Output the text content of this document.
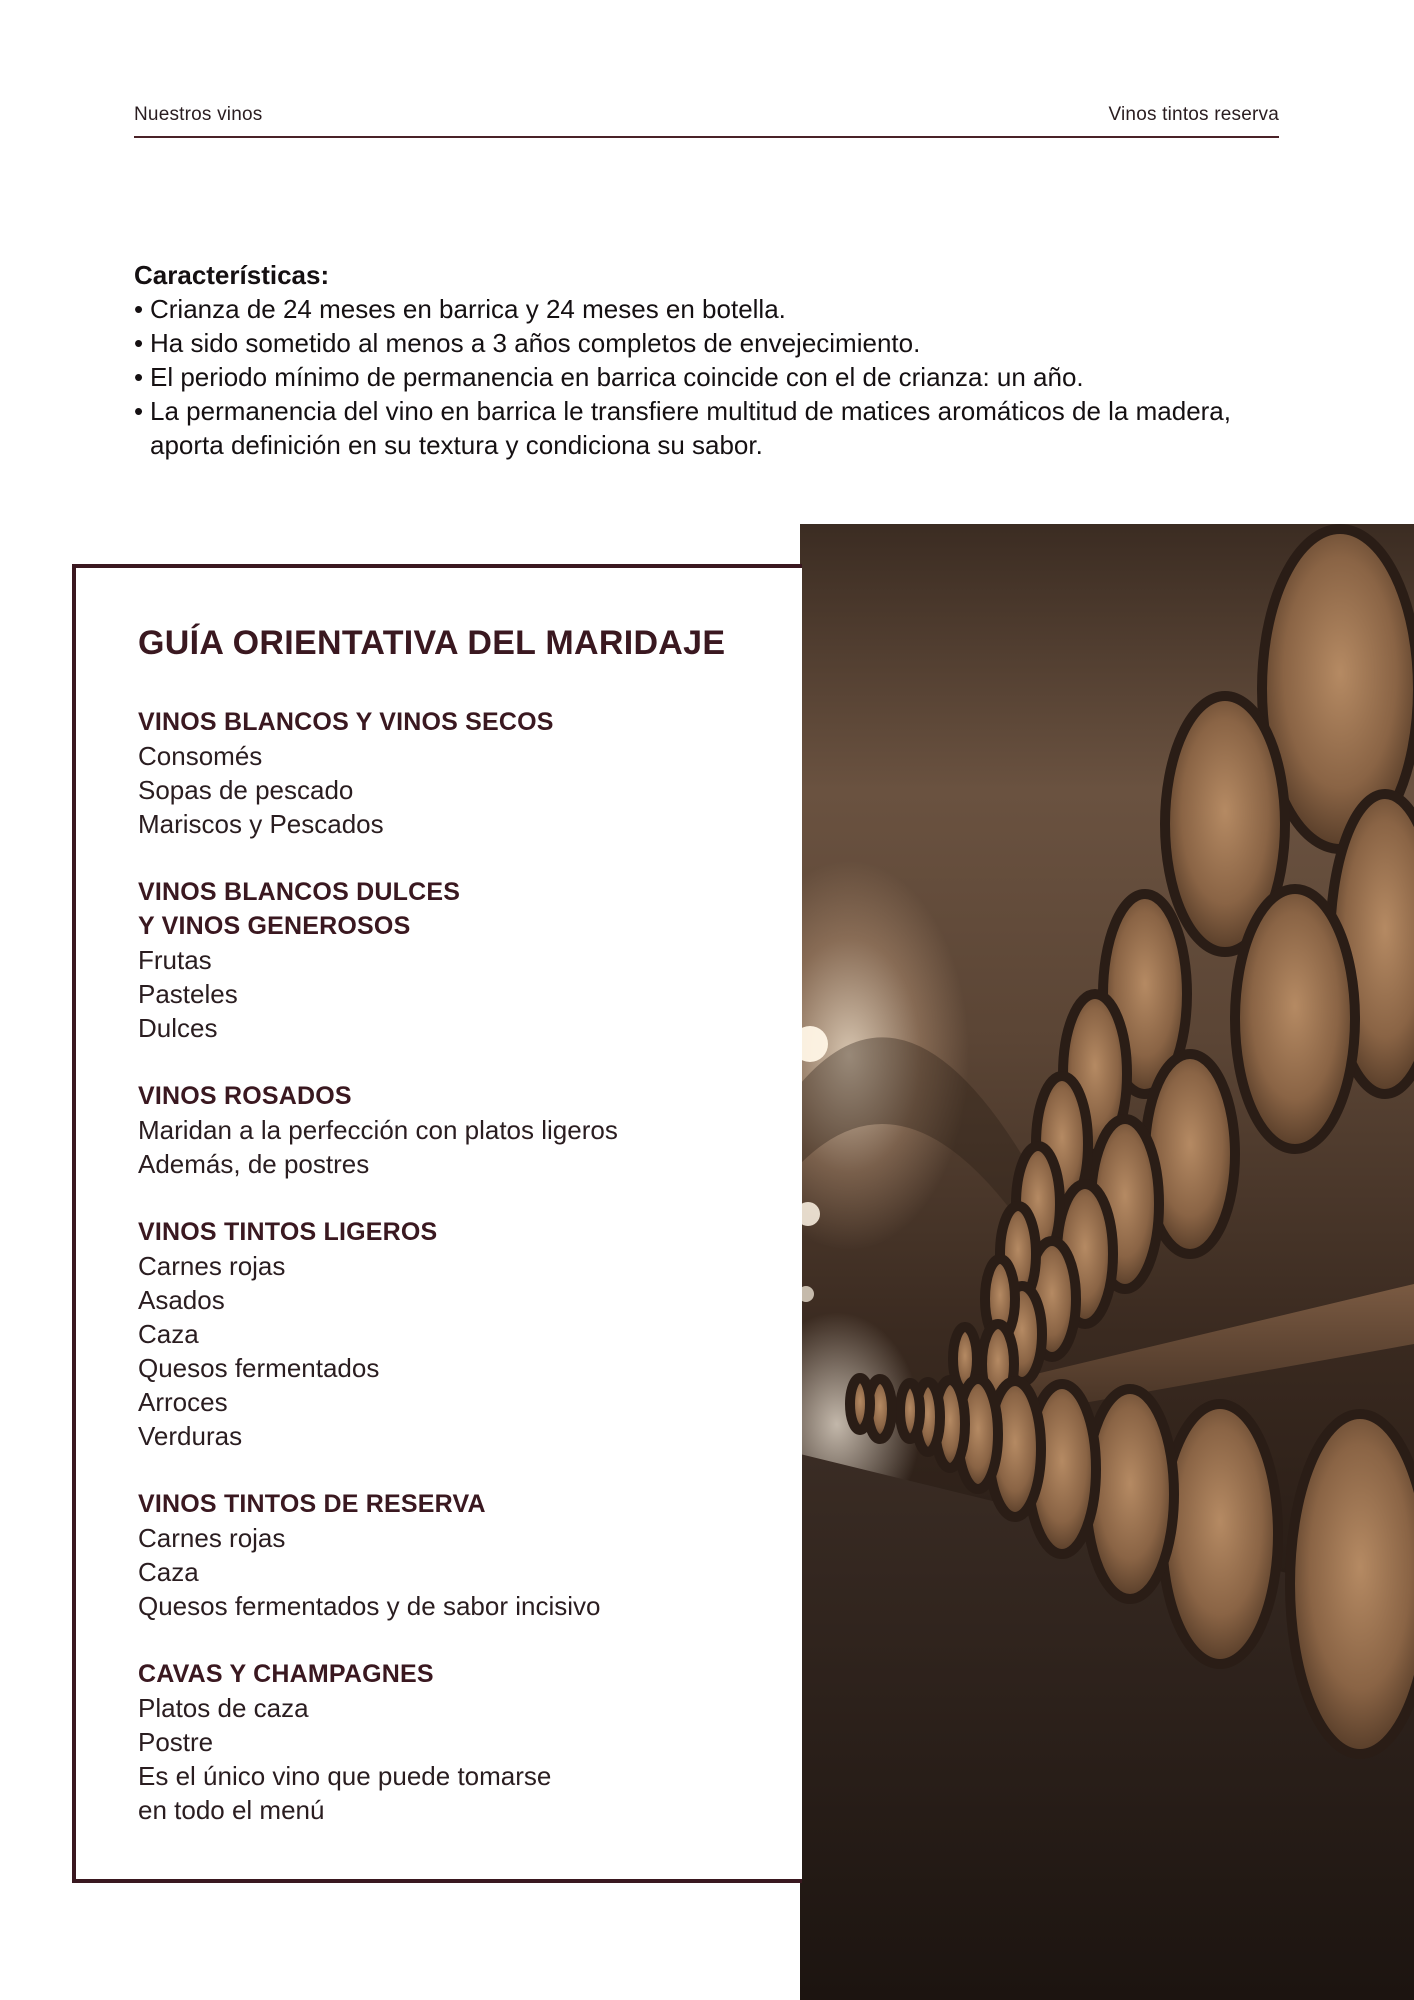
Nuestros vinos	Vinos tintos reserva

Características:

• Crianza de 24 meses en barrica y 24 meses en botella.
• Ha sido sometido al menos a 3 años completos de envejecimiento.
• El periodo mínimo de permanencia en barrica coincide con el de crianza: un año.
• La permanencia del vino en barrica le transfiere multitud de matices aromáticos de la madera, aporta definición en su textura y condiciona su sabor.
GUÍA ORIENTATIVA DEL MARIDAJE
VINOS BLANCOS Y VINOS SECOS
Consomés
Sopas de pescado
Mariscos y Pescados
VINOS BLANCOS DULCES
Y VINOS GENEROSOS
Frutas
Pasteles
Dulces
VINOS ROSADOS
Maridan a la perfección con platos ligeros
Además, de postres
VINOS TINTOS LIGEROS
Carnes rojas
Asados
Caza
Quesos fermentados
Arroces
Verduras
VINOS TINTOS DE RESERVA
Carnes rojas
Caza
Quesos fermentados y de sabor incisivo
CAVAS Y CHAMPAGNES
Platos de caza
Postre
Es el único vino que puede tomarse
en todo el menú
